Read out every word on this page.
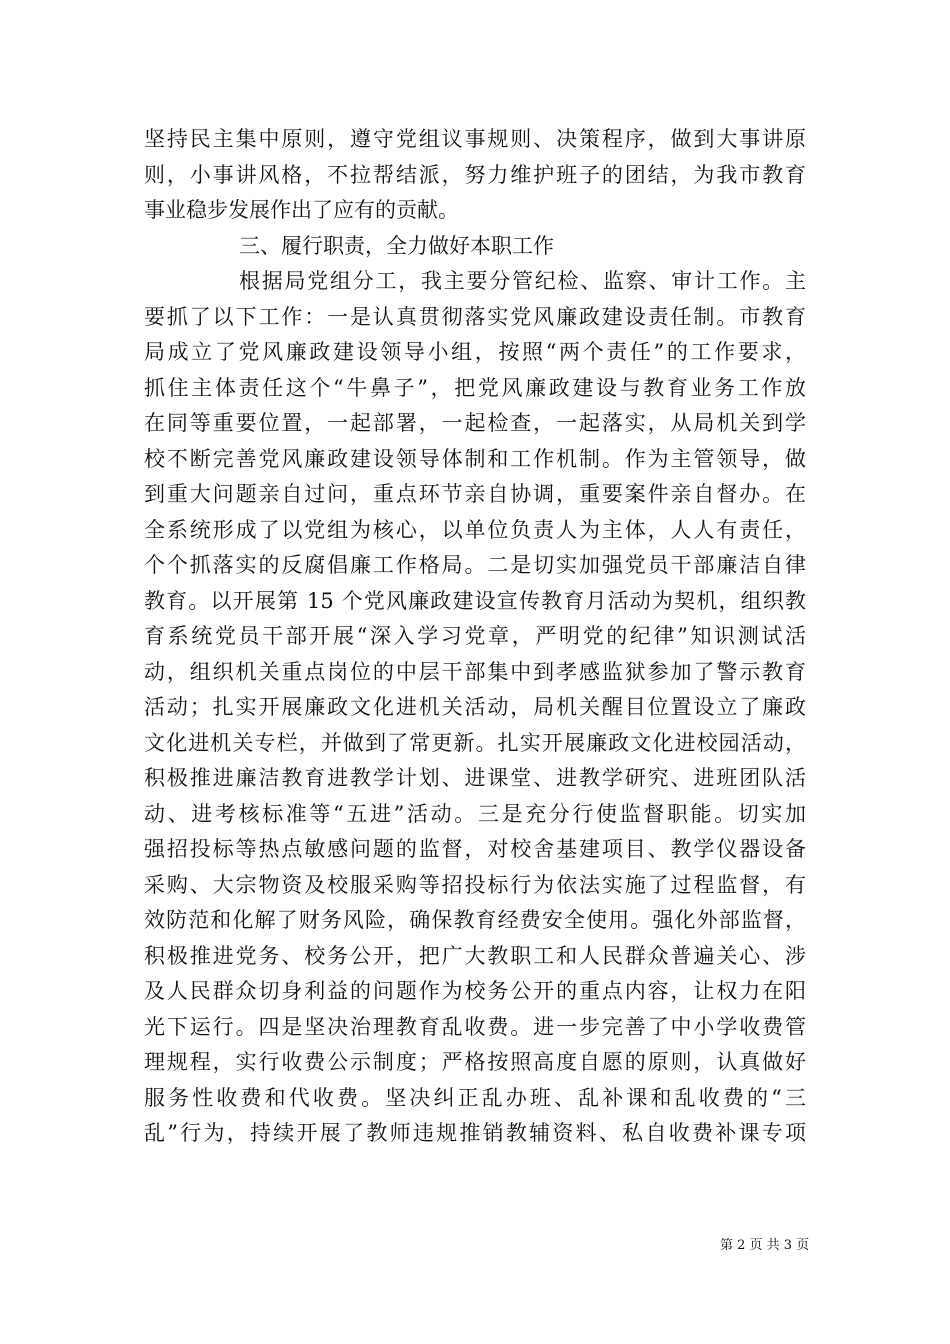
坚持民主集中原则，遵守党组议事规则、决策程序，做到大事讲原
则，小事讲风格，不拉帮结派，努力维护班子的团结，为我市教育
事业稳步发展作出了应有的贡献。
三、履行职责，全力做好本职工作
根据局党组分工，我主要分管纪检、监察、审计工作。主
要抓了以下工作：一是认真贯彻落实党风廉政建设责任制。市教育
局成立了党风廉政建设领导小组，按照“两个责任”的工作要求，
抓住主体责任这个“牛鼻子”，把党风廉政建设与教育业务工作放
在同等重要位置，一起部署，一起检查，一起落实，从局机关到学
校不断完善党风廉政建设领导体制和工作机制。作为主管领导，做
到重大问题亲自过问，重点环节亲自协调，重要案件亲自督办。在
全系统形成了以党组为核心，以单位负责人为主体，人人有责任，
个个抓落实的反腐倡廉工作格局。二是切实加强党员干部廉洁自律
教育。以开展第 15 个党风廉政建设宣传教育月活动为契机，组织教
育系统党员干部开展“深入学习党章，严明党的纪律”知识测试活
动，组织机关重点岗位的中层干部集中到孝感监狱参加了警示教育
活动；扎实开展廉政文化进机关活动，局机关醒目位置设立了廉政
文化进机关专栏，并做到了常更新。扎实开展廉政文化进校园活动，
积极推进廉洁教育进教学计划、进课堂、进教学研究、进班团队活
动、进考核标准等“五进”活动。三是充分行使监督职能。切实加
强招投标等热点敏感问题的监督，对校舍基建项目、教学仪器设备
采购、大宗物资及校服采购等招投标行为依法实施了过程监督，有
效防范和化解了财务风险，确保教育经费安全使用。强化外部监督，
积极推进党务、校务公开，把广大教职工和人民群众普遍关心、涉
及人民群众切身利益的问题作为校务公开的重点内容，让权力在阳
光下运行。四是坚决治理教育乱收费。进一步完善了中小学收费管
理规程，实行收费公示制度；严格按照高度自愿的原则，认真做好
服务性收费和代收费。坚决纠正乱办班、乱补课和乱收费的“三
乱”行为，持续开展了教师违规推销教辅资料、私自收费补课专项
第 2 页 共 3 页
